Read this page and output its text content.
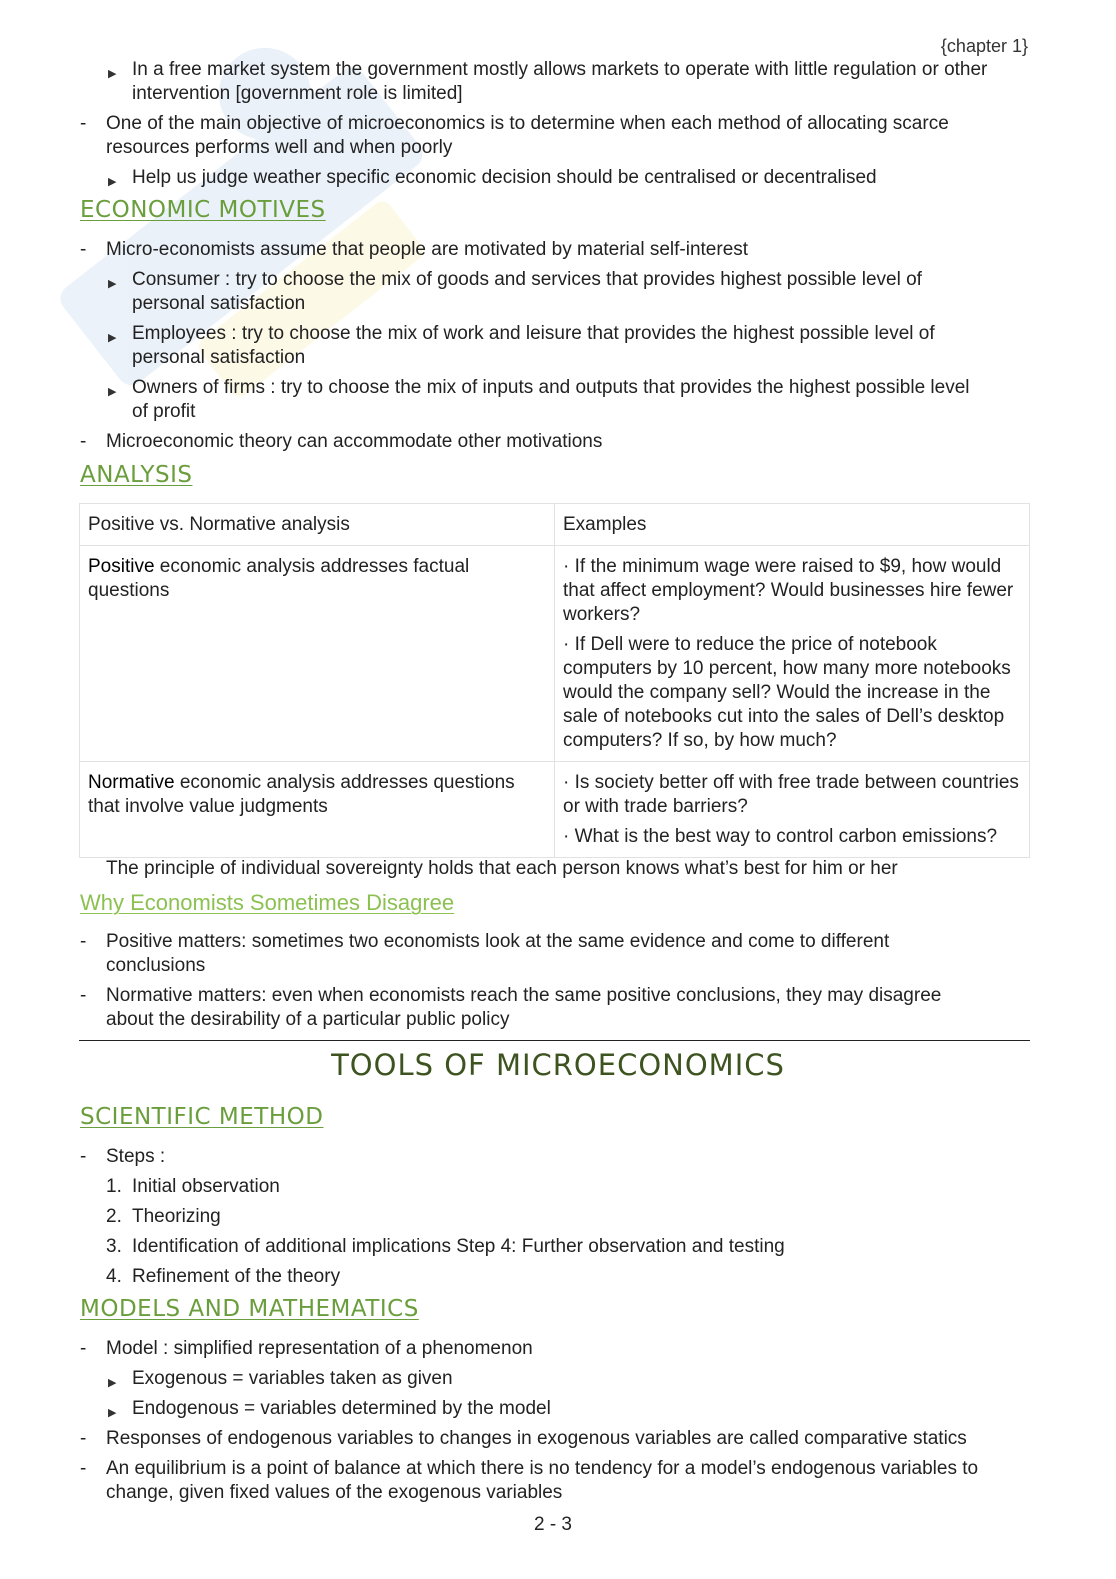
{chapter 1}
▶ In a free market system the government mostly allows markets to operate with little regulation or other
intervention [government role is limited]
- One of the main objective of microeconomics is to determine when each method of allocating scarce
resources performs well and when poorly
▶ Help us judge weather specific economic decision should be centralised or decentralised
ECONOMIC MOTIVES
- Micro-economists assume that people are motivated by material self-interest
▶ Consumer : try to choose the mix of goods and services that provides highest possible level of
personal satisfaction
▶ Employees : try to choose the mix of work and leisure that provides the highest possible level of
personal satisfaction
▶ Owners of firms : try to choose the mix of inputs and outputs that provides the highest possible level
of profit
- Microeconomic theory can accommodate other motivations
ANALYSIS
Positive vs. Normative analysis	Examples
Positive economic analysis addresses factual questions	· If the minimum wage were raised to $9, how would that affect employment? Would businesses hire fewer workers?
· If Dell were to reduce the price of notebook computers by 10 percent, how many more notebooks would the company sell? Would the increase in the sale of notebooks cut into the sales of Dell’s desktop computers? If so, by how much?

Normative economic analysis addresses questions that involve value judgments	· Is society better off with free trade between countries or with trade barriers?
· What is the best way to control carbon emissions?
The principle of individual sovereignty holds that each person knows what’s best for him or her
Why Economists Sometimes Disagree
- Positive matters: sometimes two economists look at the same evidence and come to different
conclusions
- Normative matters: even when economists reach the same positive conclusions, they may disagree
about the desirability of a particular public policy
TOOLS OF MICROECONOMICS
SCIENTIFIC METHOD
- Steps :
1. Initial observation
2. Theorizing
3. Identification of additional implications Step 4: Further observation and testing
4. Refinement of the theory
MODELS AND MATHEMATICS
- Model : simplified representation of a phenomenon
▶ Exogenous = variables taken as given
▶ Endogenous = variables determined by the model
- Responses of endogenous variables to changes in exogenous variables are called comparative statics
- An equilibrium is a point of balance at which there is no tendency for a model’s endogenous variables to
change, given fixed values of the exogenous variables
2 - 3
